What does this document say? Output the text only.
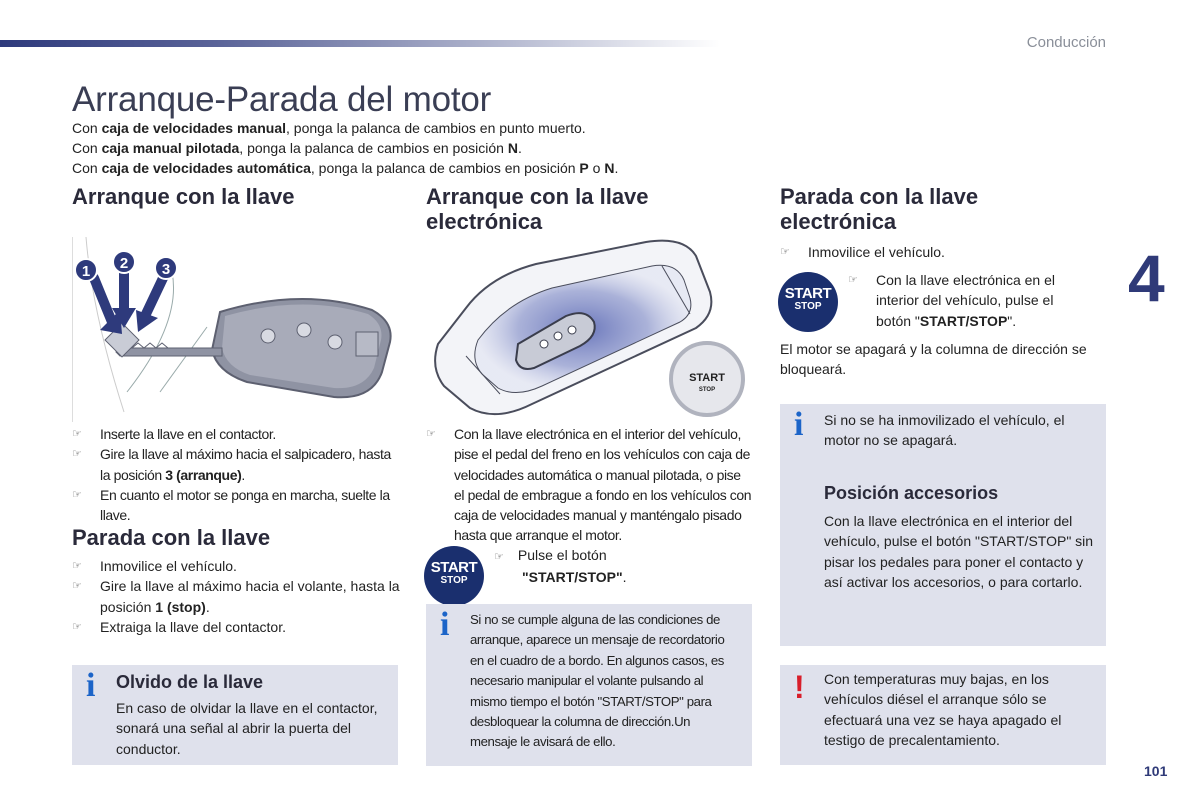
Conducción
4
Arranque-Parada del motor

Con caja de velocidades manual, ponga la palanca de cambios en punto muerto.

Con caja manual pilotada, ponga la palanca de cambios en posición N.

Con caja de velocidades automática, ponga la palanca de cambios en posición P o N.

Arranque con la llave
1 2 3
☞ Inserte la llave en el contactor.
☞ Gire la llave al máximo hacia el salpicadero, hasta la posición 3 (arranque).
☞ En cuanto el motor se ponga en marcha, suelte la llave.
Parada con la llave
☞ Inmovilice el vehículo.
☞ Gire la llave al máximo hacia el volante, hasta la posición 1 (stop).
☞ Extraiga la llave del contactor.
i Olvido de la llave
En caso de olvidar la llave en el contactor, sonará una señal al abrir la puerta del conductor.
Arranque con la llave
electrónica
START
STOP
☞ Con la llave electrónica en el interior del vehículo, pise el pedal del freno en los vehículos con caja de velocidades automática o manual pilotada, o pise el pedal de embrague a fondo en los vehículos con caja de velocidades manual y manténgalo pisado hasta que arranque el motor.
START
STOP
☞ Pulse el botón
"START/STOP".
i Si no se cumple alguna de las condiciones de arranque, aparece un mensaje de recordatorio en el cuadro de a bordo. En algunos casos, es necesario manipular el volante pulsando al mismo tiempo el botón "START/STOP" para desbloquear la columna de dirección.Un mensaje le avisará de ello.
Parada con la llave
electrónica
☞ Inmovilice el vehículo.
START
STOP
☞ Con la llave electrónica en el interior del vehículo, pulse el botón "START/STOP".
El motor se apagará y la columna de dirección se bloqueará.
i Si no se ha inmovilizado el vehículo, el motor no se apagará.
Posición accesorios
Con la llave electrónica en el interior del vehículo, pulse el botón "START/STOP" sin pisar los pedales para poner el contacto y así activar los accesorios, o para cortarlo.
! Con temperaturas muy bajas, en los vehículos diésel el arranque sólo se efectuará una vez se haya apagado el testigo de precalentamiento.
101
